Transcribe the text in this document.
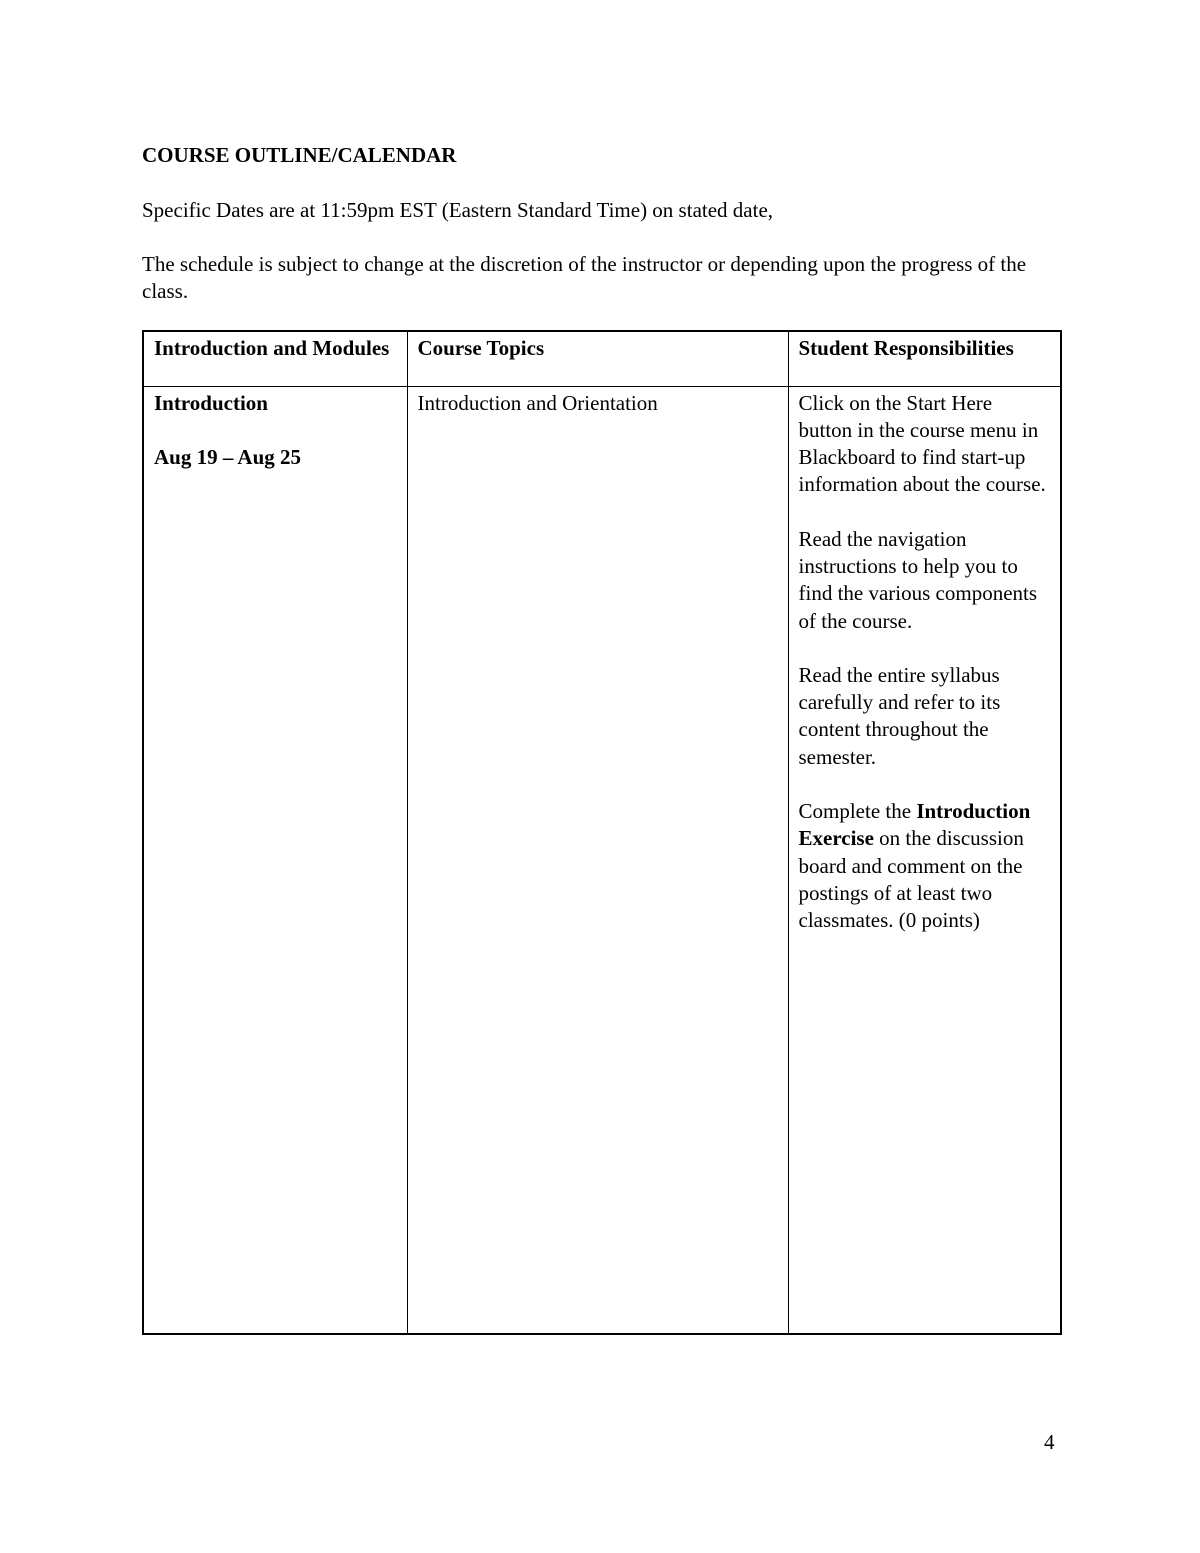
COURSE OUTLINE/CALENDAR

Specific Dates are at 11:59pm EST (Eastern Standard Time) on stated date,

The schedule is subject to change at the discretion of the instructor or depending upon the progress of the class.

Introduction and Modules	Course Topics	Student Responsibilities

Introduction
Aug 19 – Aug 25	Introduction and Orientation	Click on the Start Here button in the course menu in Blackboard to find start-up information about the course.
Read the navigation instructions to help you to find the various components of the course.
Read the entire syllabus carefully and refer to its content throughout the semester.
Complete the Introduction Exercise on the discussion board and comment on the postings of at least two classmates. (0 points)

4
